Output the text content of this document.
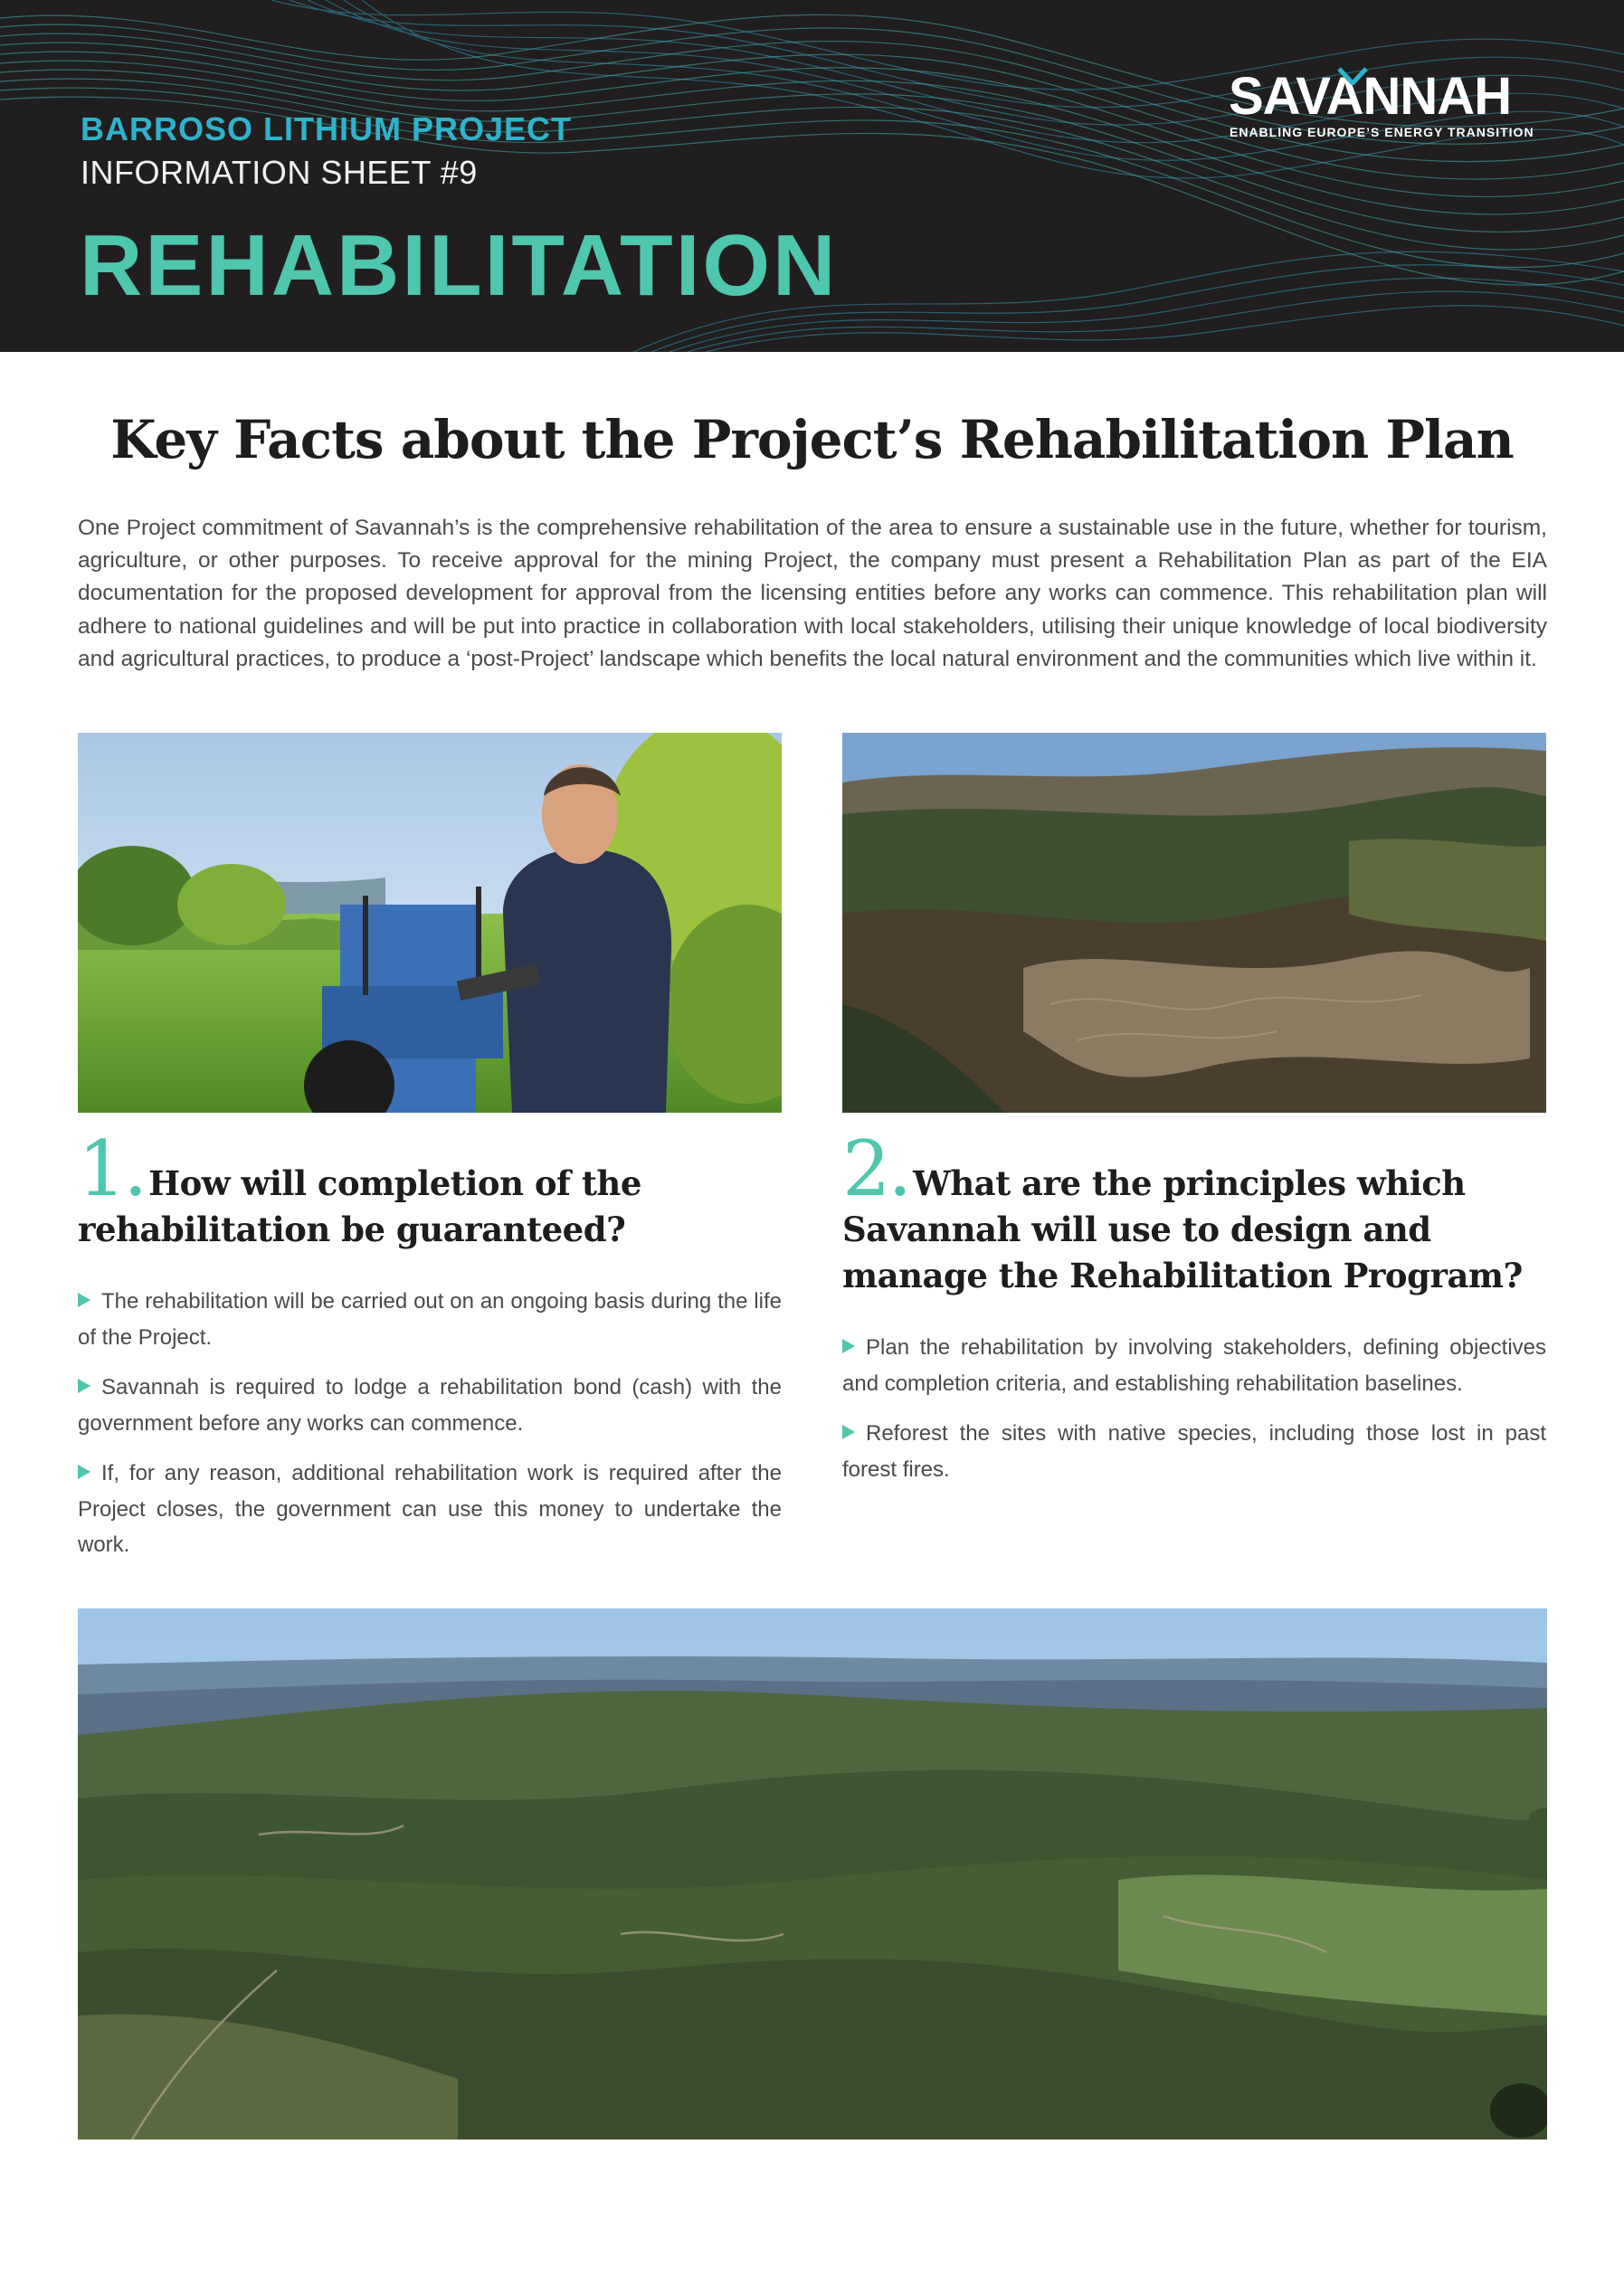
BARROSO LITHIUM PROJECT
INFORMATION SHEET #9
REHABILITATION
SAVANNAH
ENABLING EUROPE’S ENERGY TRANSITION
Key Facts about the Project’s Rehabilitation Plan

One Project commitment of Savannah’s is the comprehensive rehabilitation of the area to ensure a sustainable use in the future, whether for tourism, agriculture, or other purposes. To receive approval for the mining Project, the company must present a Rehabilitation Plan as part of the EIA documentation for the proposed development for approval from the licensing entities before any works can commence. This rehabilitation plan will adhere to national guidelines and will be put into practice in collaboration with local stakeholders, utilising their unique knowledge of local biodiversity and agricultural practices, to produce a ‘post-Project’ landscape which benefits the local natural environment and the communities which live within it.

1. How will completion of the rehabilitation be guaranteed?

The rehabilitation will be carried out on an ongoing basis during the life of the Project.

Savannah is required to lodge a rehabilitation bond (cash) with the government before any works can commence.

If, for any reason, additional rehabilitation work is required after the Project closes, the government can use this money to undertake the work.

2. What are the principles which Savannah will use to design and manage the Rehabilitation Program?

Plan the rehabilitation by involving stakeholders, defining objectives and completion criteria, and establishing rehabilitation baselines.

Reforest the sites with native species, including those lost in past forest fires.
